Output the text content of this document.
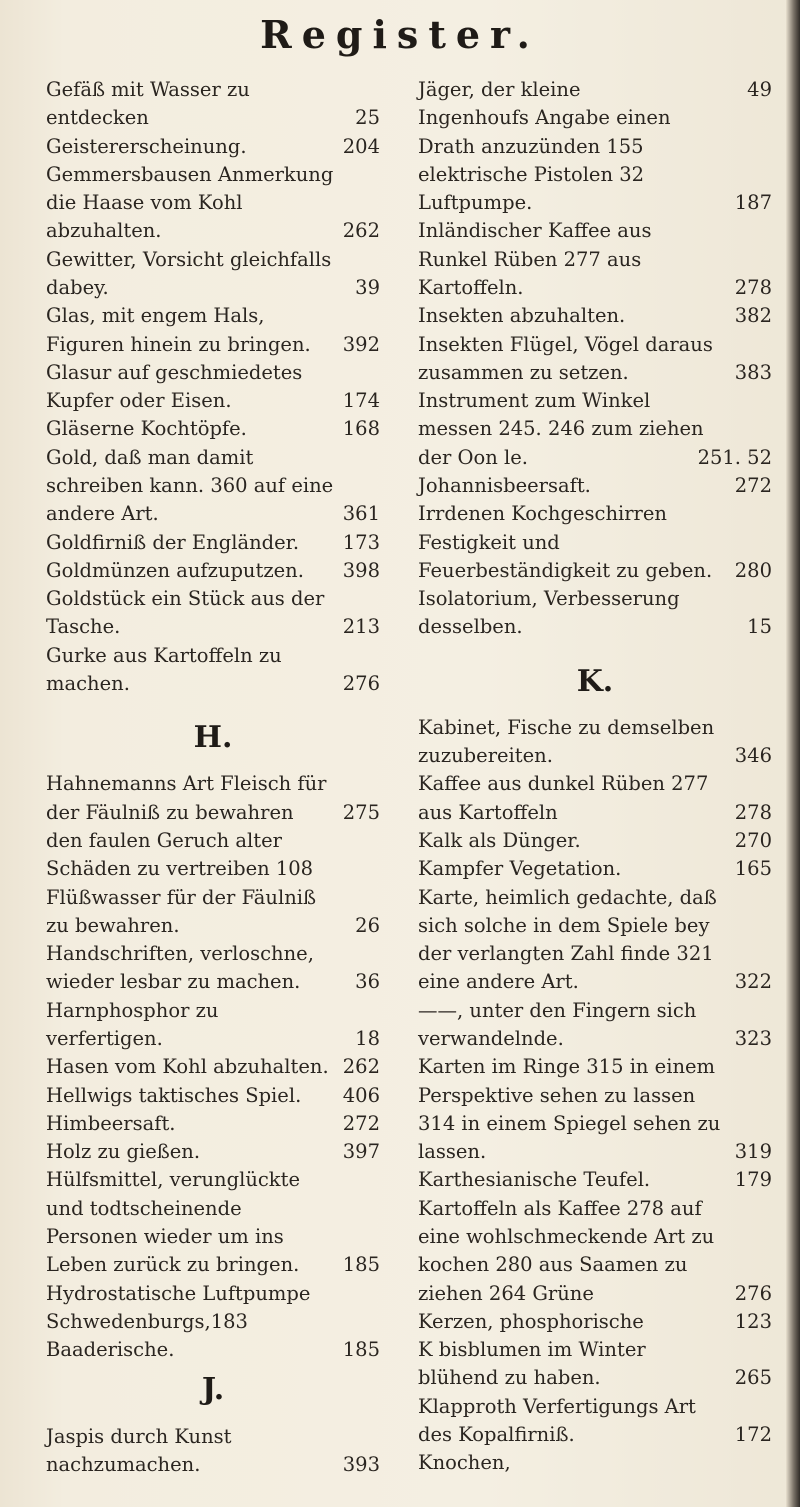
Register.
Gefäß mit Wasser zu entdecken	25
Geistererscheinung.	204
Gemmersbausen Anmerkung die Haase vom Kohl abzuhalten.	262
Gewitter, Vorsicht gleichfalls dabey.	39
Glas, mit engem Hals, Figuren hinein zu bringen.	392
Glasur auf geschmiedetes Kupfer oder Eisen.	174
Gläserne Kochtöpfe.	168
Gold, daß man damit schreiben kann. 360 auf eine andere Art.	361
Goldfirniß der Engländer.	173
Goldmünzen aufzuputzen.	398
Goldstück ein Stück aus der Tasche.	213
Gurke aus Kartoffeln zu machen.	276
H.
Hahnemanns Art Fleisch für der Fäulniß zu bewahren	275
den faulen Geruch alter Schäden zu vertreiben 108 Flüßwasser für der Fäulniß zu bewahren.	26
Handschriften, verloschne, wieder lesbar zu machen.	36
Harnphosphor zu verfertigen.	18
Hasen vom Kohl abzuhalten. 262
Hellwigs taktisches Spiel.	406
Himbeersaft.	272
Holz zu gießen.	397
Hülfsmittel, verunglückte und todtscheinende Personen wieder um ins Leben zurück zu bringen.	185
Hydrostatische Luftpumpe Schwedenburgs,183 Baaderische.	185
J.
Jaspis durch Kunst nachzumachen.	393
Jäger, der kleine	49
Ingenhoufs Angabe einen Drath anzuzünden 155 elektrische Pistolen 32 Luftpumpe.	187
Inländischer Kaffee aus Runkel Rüben 277 aus Kartoffeln.	278
Insekten abzuhalten.	382
Insekten Flügel, Vögel daraus zusammen zu setzen.	383
Instrument zum Winkel messen 245. 246 zum ziehen der Oon le.	251. 52
Johannisbeersaft.	272
Irrdenen Kochgeschirren Festigkeit und Feuerbeständigkeit zu geben.	280
Isolatorium, Verbesserung desselben.	15
K.
Kabinet, Fische zu demselben zuzubereiten.	346
Kaffee aus dunkel Rüben 277 aus Kartoffeln	278
Kalk als Dünger.	270
Kampfer Vegetation.	165
Karte, heimlich gedachte, daß sich solche in dem Spiele bey der verlangten Zahl finde 321 eine andere Art.	322
——, unter den Fingern sich verwandelnde.	323
Karten im Ringe 315 in einem Perspektive sehen zu lassen 314 in einem Spiegel sehen zu lassen.	319
Karthesianische Teufel.	179
Kartoffeln als Kaffee 278 auf eine wohlschmeckende Art zu kochen 280 aus Saamen zu ziehen 264 Grüne	276
Kerzen, phosphorische	123
K bisblumen im Winter blühend zu haben.	265
Klapproth Verfertigungs Art des Kopalfirniß.	172
Knochen,
